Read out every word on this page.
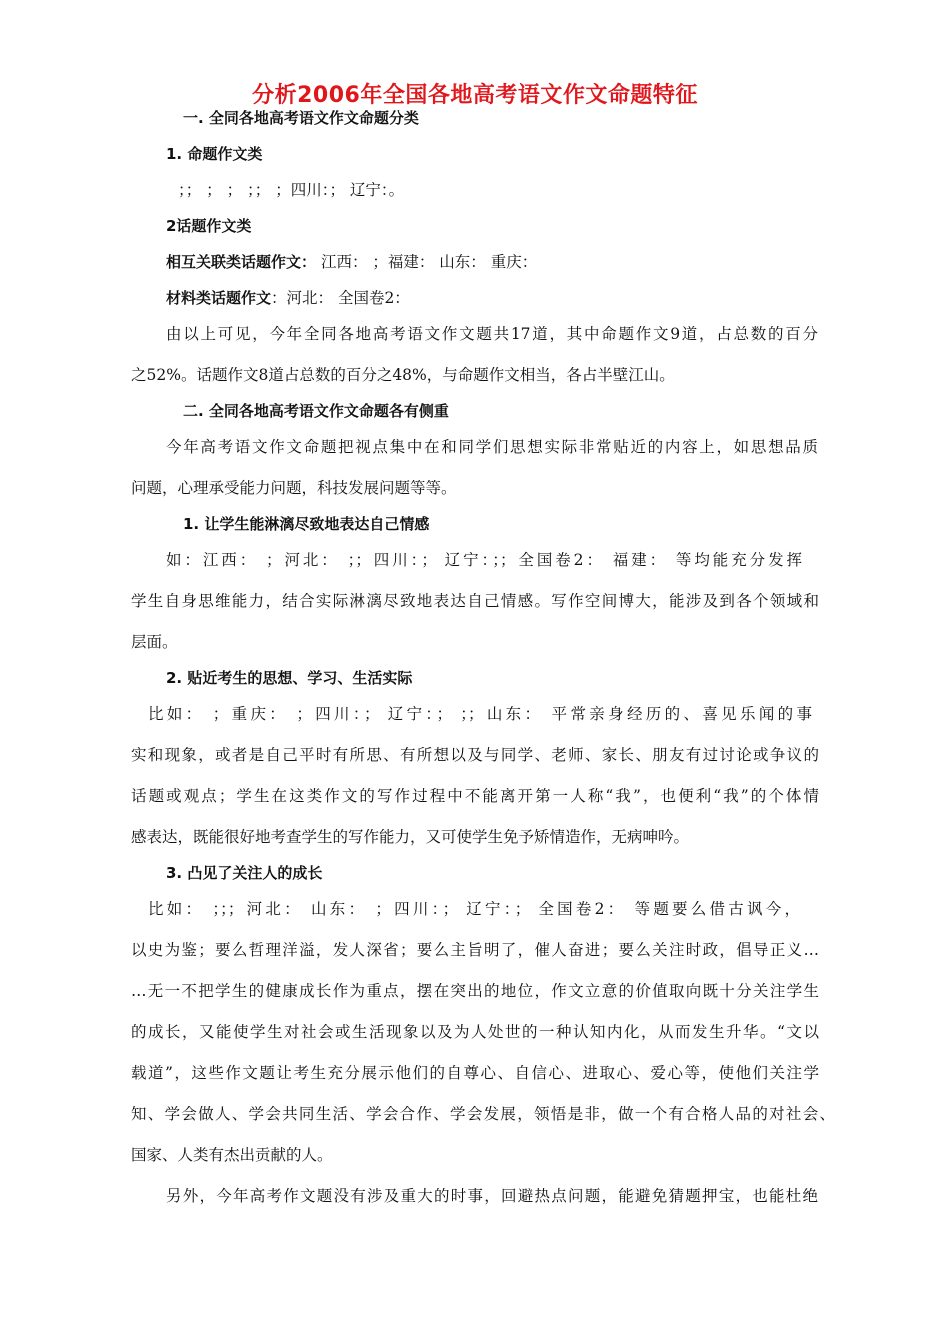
分析2006年全国各地高考语文作文命题特征
一. 全同各地高考语文作文命题分类
1. 命题作文类
；； ； ； ；； ；四川：； 辽宁：。
2话题作文类
相互关联类话题作文： 江西： ；福建： 山东： 重庆：
材料类话题作文：河北： 全国卷2：
由以上可见，今年全同各地高考语文作文题共17道，其中命题作文9道，占总数的百分
之52%。话题作文8道占总数的百分之48%，与命题作文相当，各占半壁江山。
二. 全同各地高考语文作文命题各有侧重
今年高考语文作文命题把视点集中在和同学们思想实际非常贴近的内容上，如思想品质
问题，心理承受能力问题，科技发展问题等等。
1. 让学生能淋漓尽致地表达自己情感
如：江西： ；河北： ；；四川：； 辽宁：；；全国卷2： 福建： 等均能充分发挥
学生自身思维能力，结合实际淋漓尽致地表达自己情感。写作空间博大，能涉及到各个领域和
层面。
2. 贴近考生的思想、学习、生活实际
比如： ；重庆： ；四川：； 辽宁：； ；；山东： 平常亲身经历的、喜见乐闻的事
实和现象，或者是自己平时有所思、有所想以及与同学、老师、家长、朋友有过讨论或争议的
话题或观点；学生在这类作文的写作过程中不能离开第一人称“我”，也便利“我”的个体情
感表达，既能很好地考查学生的写作能力，又可使学生免予矫情造作，无病呻吟。
3. 凸见了关注人的成长
比如： ；；；河北： 山东： ；四川：； 辽宁：； 全国卷2： 等题要么借古讽今，
以史为鉴；要么哲理洋溢，发人深省；要么主旨明了，催人奋进；要么关注时政，倡导正义…
…无一不把学生的健康成长作为重点，摆在突出的地位，作文立意的价值取向既十分关注学生
的成长，又能使学生对社会或生活现象以及为人处世的一种认知内化，从而发生升华。“文以
载道”，这些作文题让考生充分展示他们的自尊心、自信心、进取心、爱心等，使他们关注学
知、学会做人、学会共同生活、学会合作、学会发展，领悟是非，做一个有合格人品的对社会、
国家、人类有杰出贡献的人。
另外，今年高考作文题没有涉及重大的时事，回避热点问题，能避免猜题押宝，也能杜绝
